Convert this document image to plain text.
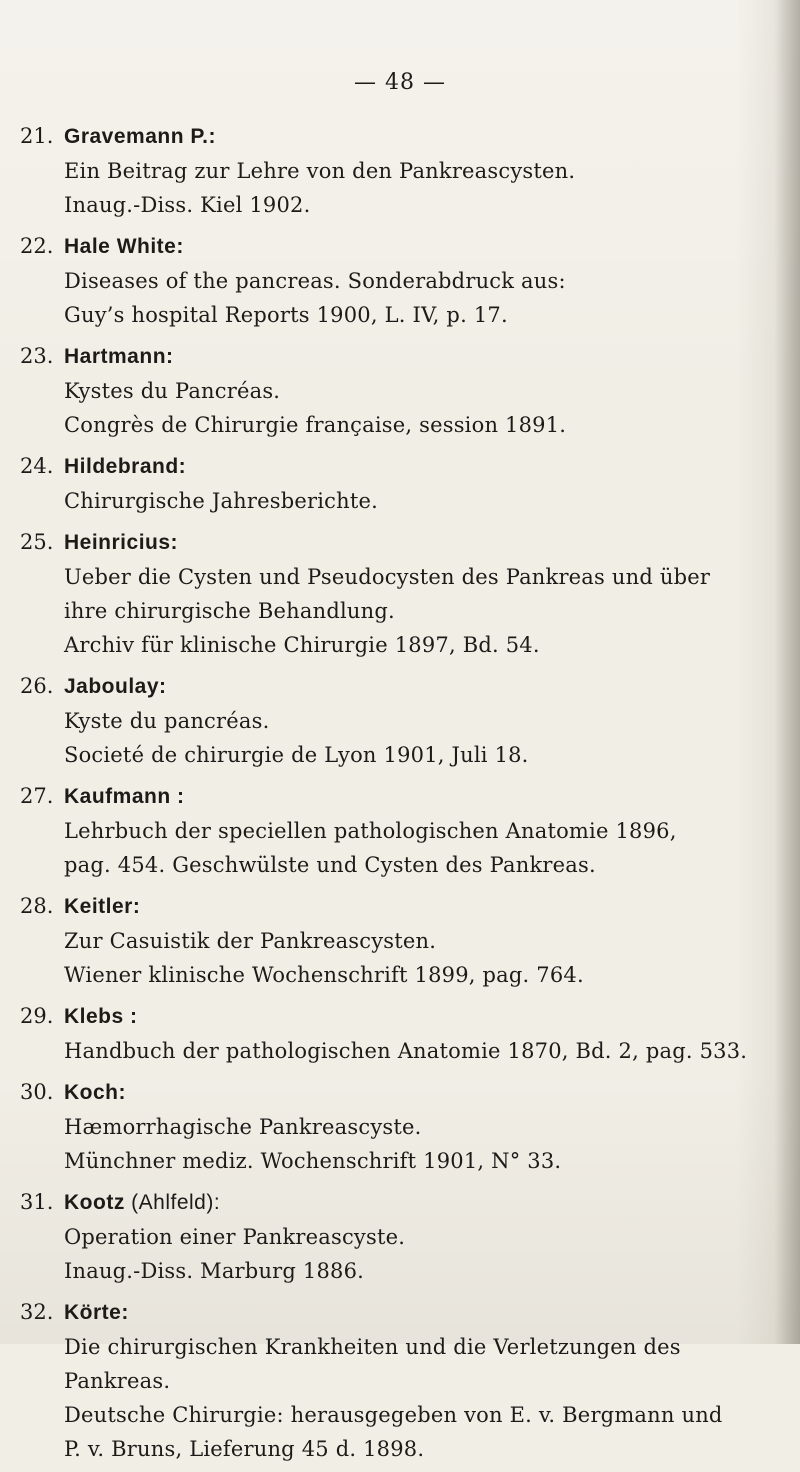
— 48 —
21. Gravemann P.:
Ein Beitrag zur Lehre von den Pankreascysten.
Inaug.-Diss. Kiel 1902.
22. Hale White:
Diseases of the pancreas. Sonderabdruck aus:
Guy’s hospital Reports 1900, L. IV, p. 17.
23. Hartmann:
Kystes du Pancréas.
Congrès de Chirurgie française, session 1891.
24. Hildebrand:
Chirurgische Jahresberichte.
25. Heinricius:
Ueber die Cysten und Pseudocysten des Pankreas und über
ihre chirurgische Behandlung.
Archiv für klinische Chirurgie 1897, Bd. 54.
26. Jaboulay:
Kyste du pancréas.
Societé de chirurgie de Lyon 1901, Juli 18.
27. Kaufmann :
Lehrbuch der speciellen pathologischen Anatomie 1896,
pag. 454. Geschwülste und Cysten des Pankreas.
28. Keitler:
Zur Casuistik der Pankreascysten.
Wiener klinische Wochenschrift 1899, pag. 764.
29. Klebs :
Handbuch der pathologischen Anatomie 1870, Bd. 2, pag. 533.
30. Koch:
Hæmorrhagische Pankreascyste.
Münchner mediz. Wochenschrift 1901, N° 33.
31. Kootz (Ahlfeld):
Operation einer Pankreascyste.
Inaug.-Diss. Marburg 1886.
32. Körte:
Die chirurgischen Krankheiten und die Verletzungen des
Pankreas.
Deutsche Chirurgie: herausgegeben von E. v. Bergmann und
P. v. Bruns, Lieferung 45 d. 1898.
